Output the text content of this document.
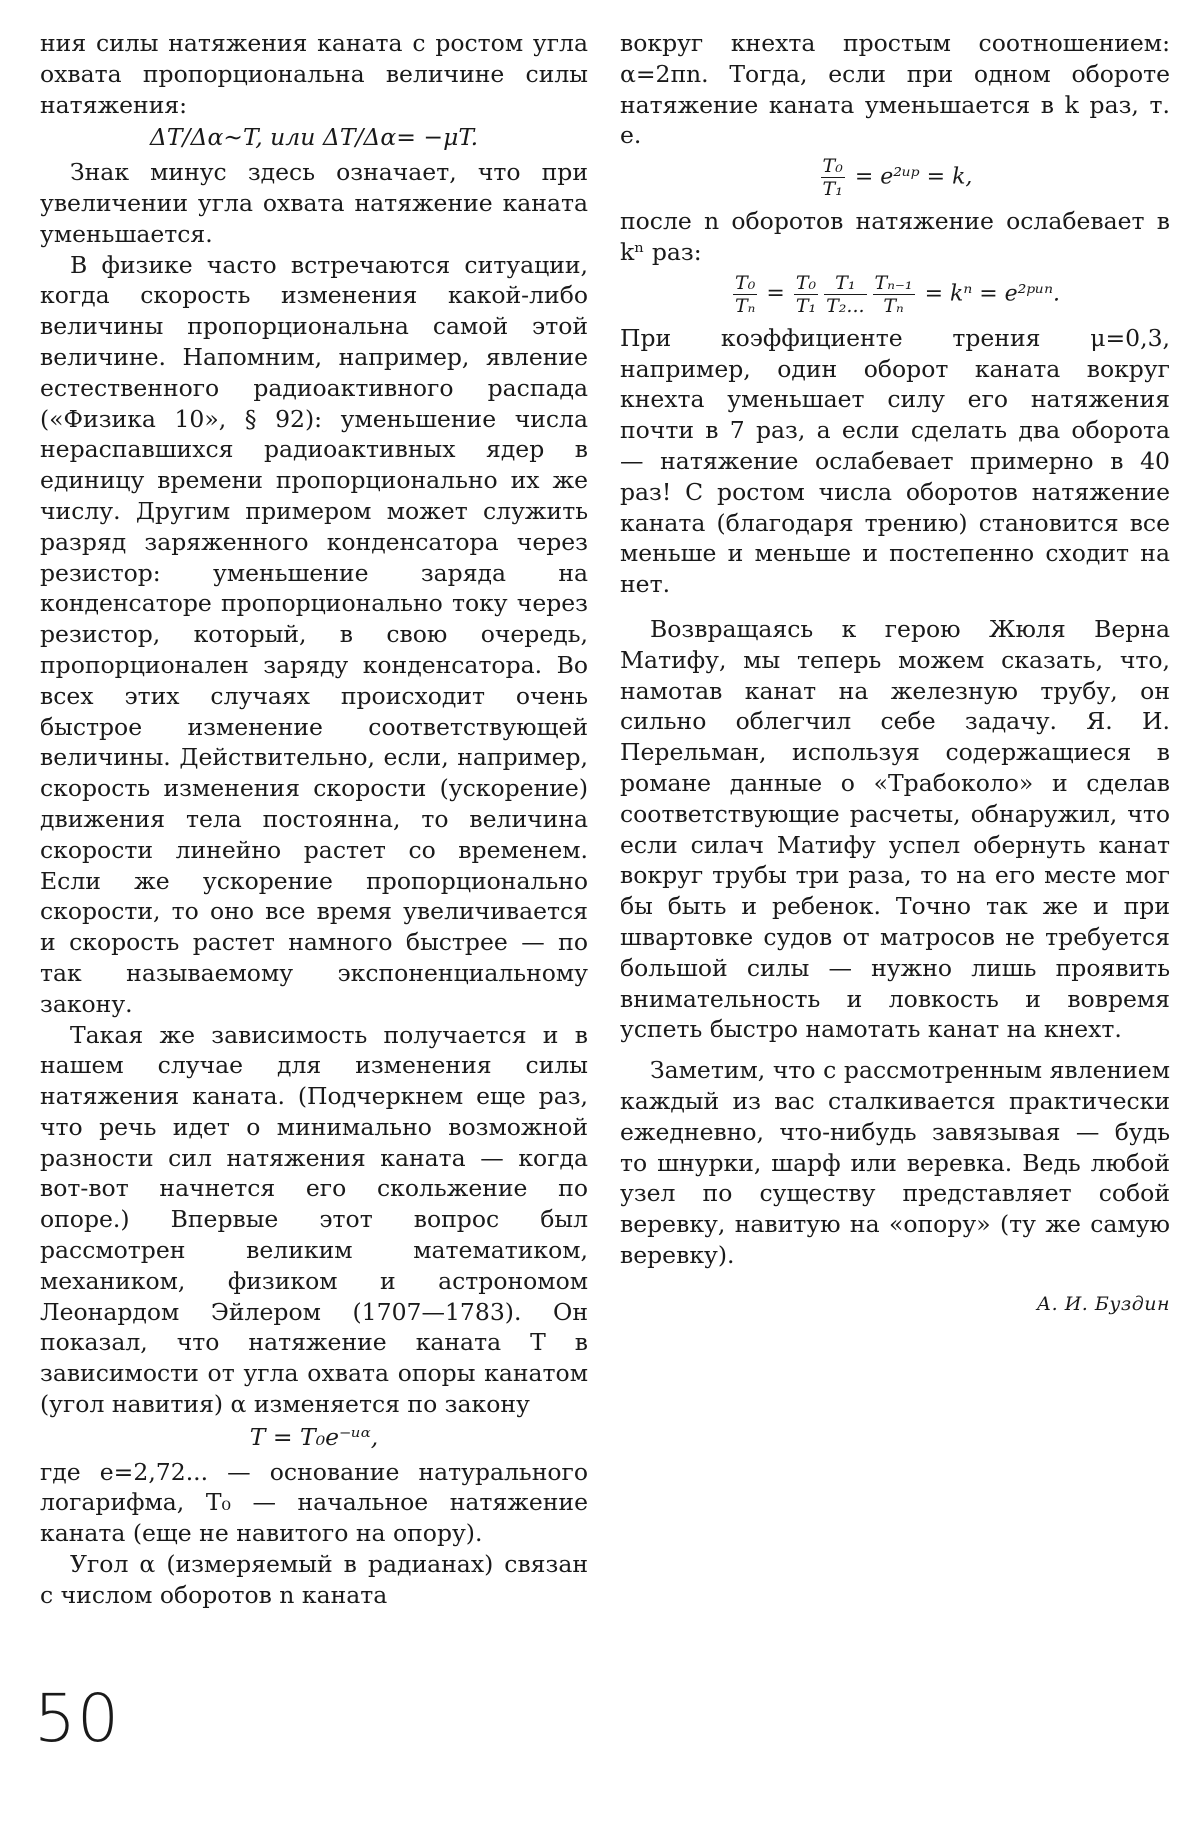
ния силы натяжения каната с ростом угла охвата пропорциональна величине силы натяжения:

ΔT/Δα∼T, или ΔT/Δα= −μT.

Знак минус здесь означает, что при увеличении угла охвата натяжение каната уменьшается.

В физике часто встречаются ситуации, когда скорость изменения какой-либо величины пропорциональна самой этой величине. Напомним, например, явление естественного радиоактивного распада («Физика 10», § 92): уменьшение числа нераспавшихся радиоактивных ядер в единицу времени пропорционально их же числу. Другим примером может служить разряд заряженного конденсатора через резистор: уменьшение заряда на конденсаторе пропорционально току через резистор, который, в свою очередь, пропорционален заряду конденсатора. Во всех этих случаях происходит очень быстрое изменение соответствующей величины. Действительно, если, например, скорость изменения скорости (ускорение) движения тела постоянна, то величина скорости линейно растет со временем. Если же ускорение пропорционально скорости, то оно все время увеличивается и скорость растет намного быстрее — по так называемому экспоненциальному закону.

Такая же зависимость получается и в нашем случае для изменения силы натяжения каната. (Подчеркнем еще раз, что речь идет о минимально возможной разности сил натяжения каната — когда вот-вот начнется его скольжение по опоре.) Впервые этот вопрос был рассмотрен великим математиком, механиком, физиком и астрономом Леонардом Эйлером (1707—1783). Он показал, что натяжение каната T в зависимости от угла охвата опоры канатом (угол навития) α изменяется по закону

T = T₀e⁻ᵘᵅ,

где e=2,72... — основание натурального логарифма, T₀ — начальное натяжение каната (еще не навитого на опору).

Угол α (измеряемый в радианах) связан с числом оборотов n каната

вокруг кнехта простым соотношением: α=2πn. Тогда, если при одном обороте натяжение каната уменьшается в k раз, т. е.

$\frac{\text{T₀}}{\text{T₁}}$ = e²ᵘᵖ = k,

после n оборотов натяжение ослабевает в kⁿ раз:

$\frac{\text{T₀}}{\text{Tₙ}} = \frac{\text{T₀}}{\text{T₁}} \frac{\text{T₁}}{\text{T₂...}} \frac{\text{Tₙ₋₁}}{\text{Tₙ}} = k^n$ = e²ᵖᵘⁿ.

При коэффициенте трения μ=0,3, например, один оборот каната вокруг кнехта уменьшает силу его натяжения почти в 7 раз, а если сделать два оборота — натяжение ослабевает примерно в 40 раз! С ростом числа оборотов натяжение каната (благодаря трению) становится все меньше и меньше и постепенно сходит на нет.

Возвращаясь к герою Жюля Верна Матифу, мы теперь можем сказать, что, намотав канат на железную трубу, он сильно облегчил себе задачу. Я. И. Перельман, используя содержащиеся в романе данные о «Трабоколо» и сделав соответствующие расчеты, обнаружил, что если силач Матифу успел обернуть канат вокруг трубы три раза, то на его месте мог бы быть и ребенок. Точно так же и при швартовке судов от матросов не требуется большой силы — нужно лишь проявить внимательность и ловкость и вовремя успеть быстро намотать канат на кнехт.

Заметим, что с рассмотренным явлением каждый из вас сталкивается практически ежедневно, что-нибудь завязывая — будь то шнурки, шарф или веревка. Ведь любой узел по существу представляет собой веревку, навитую на «опору» (ту же самую веревку).

А. И. Буздин
50
